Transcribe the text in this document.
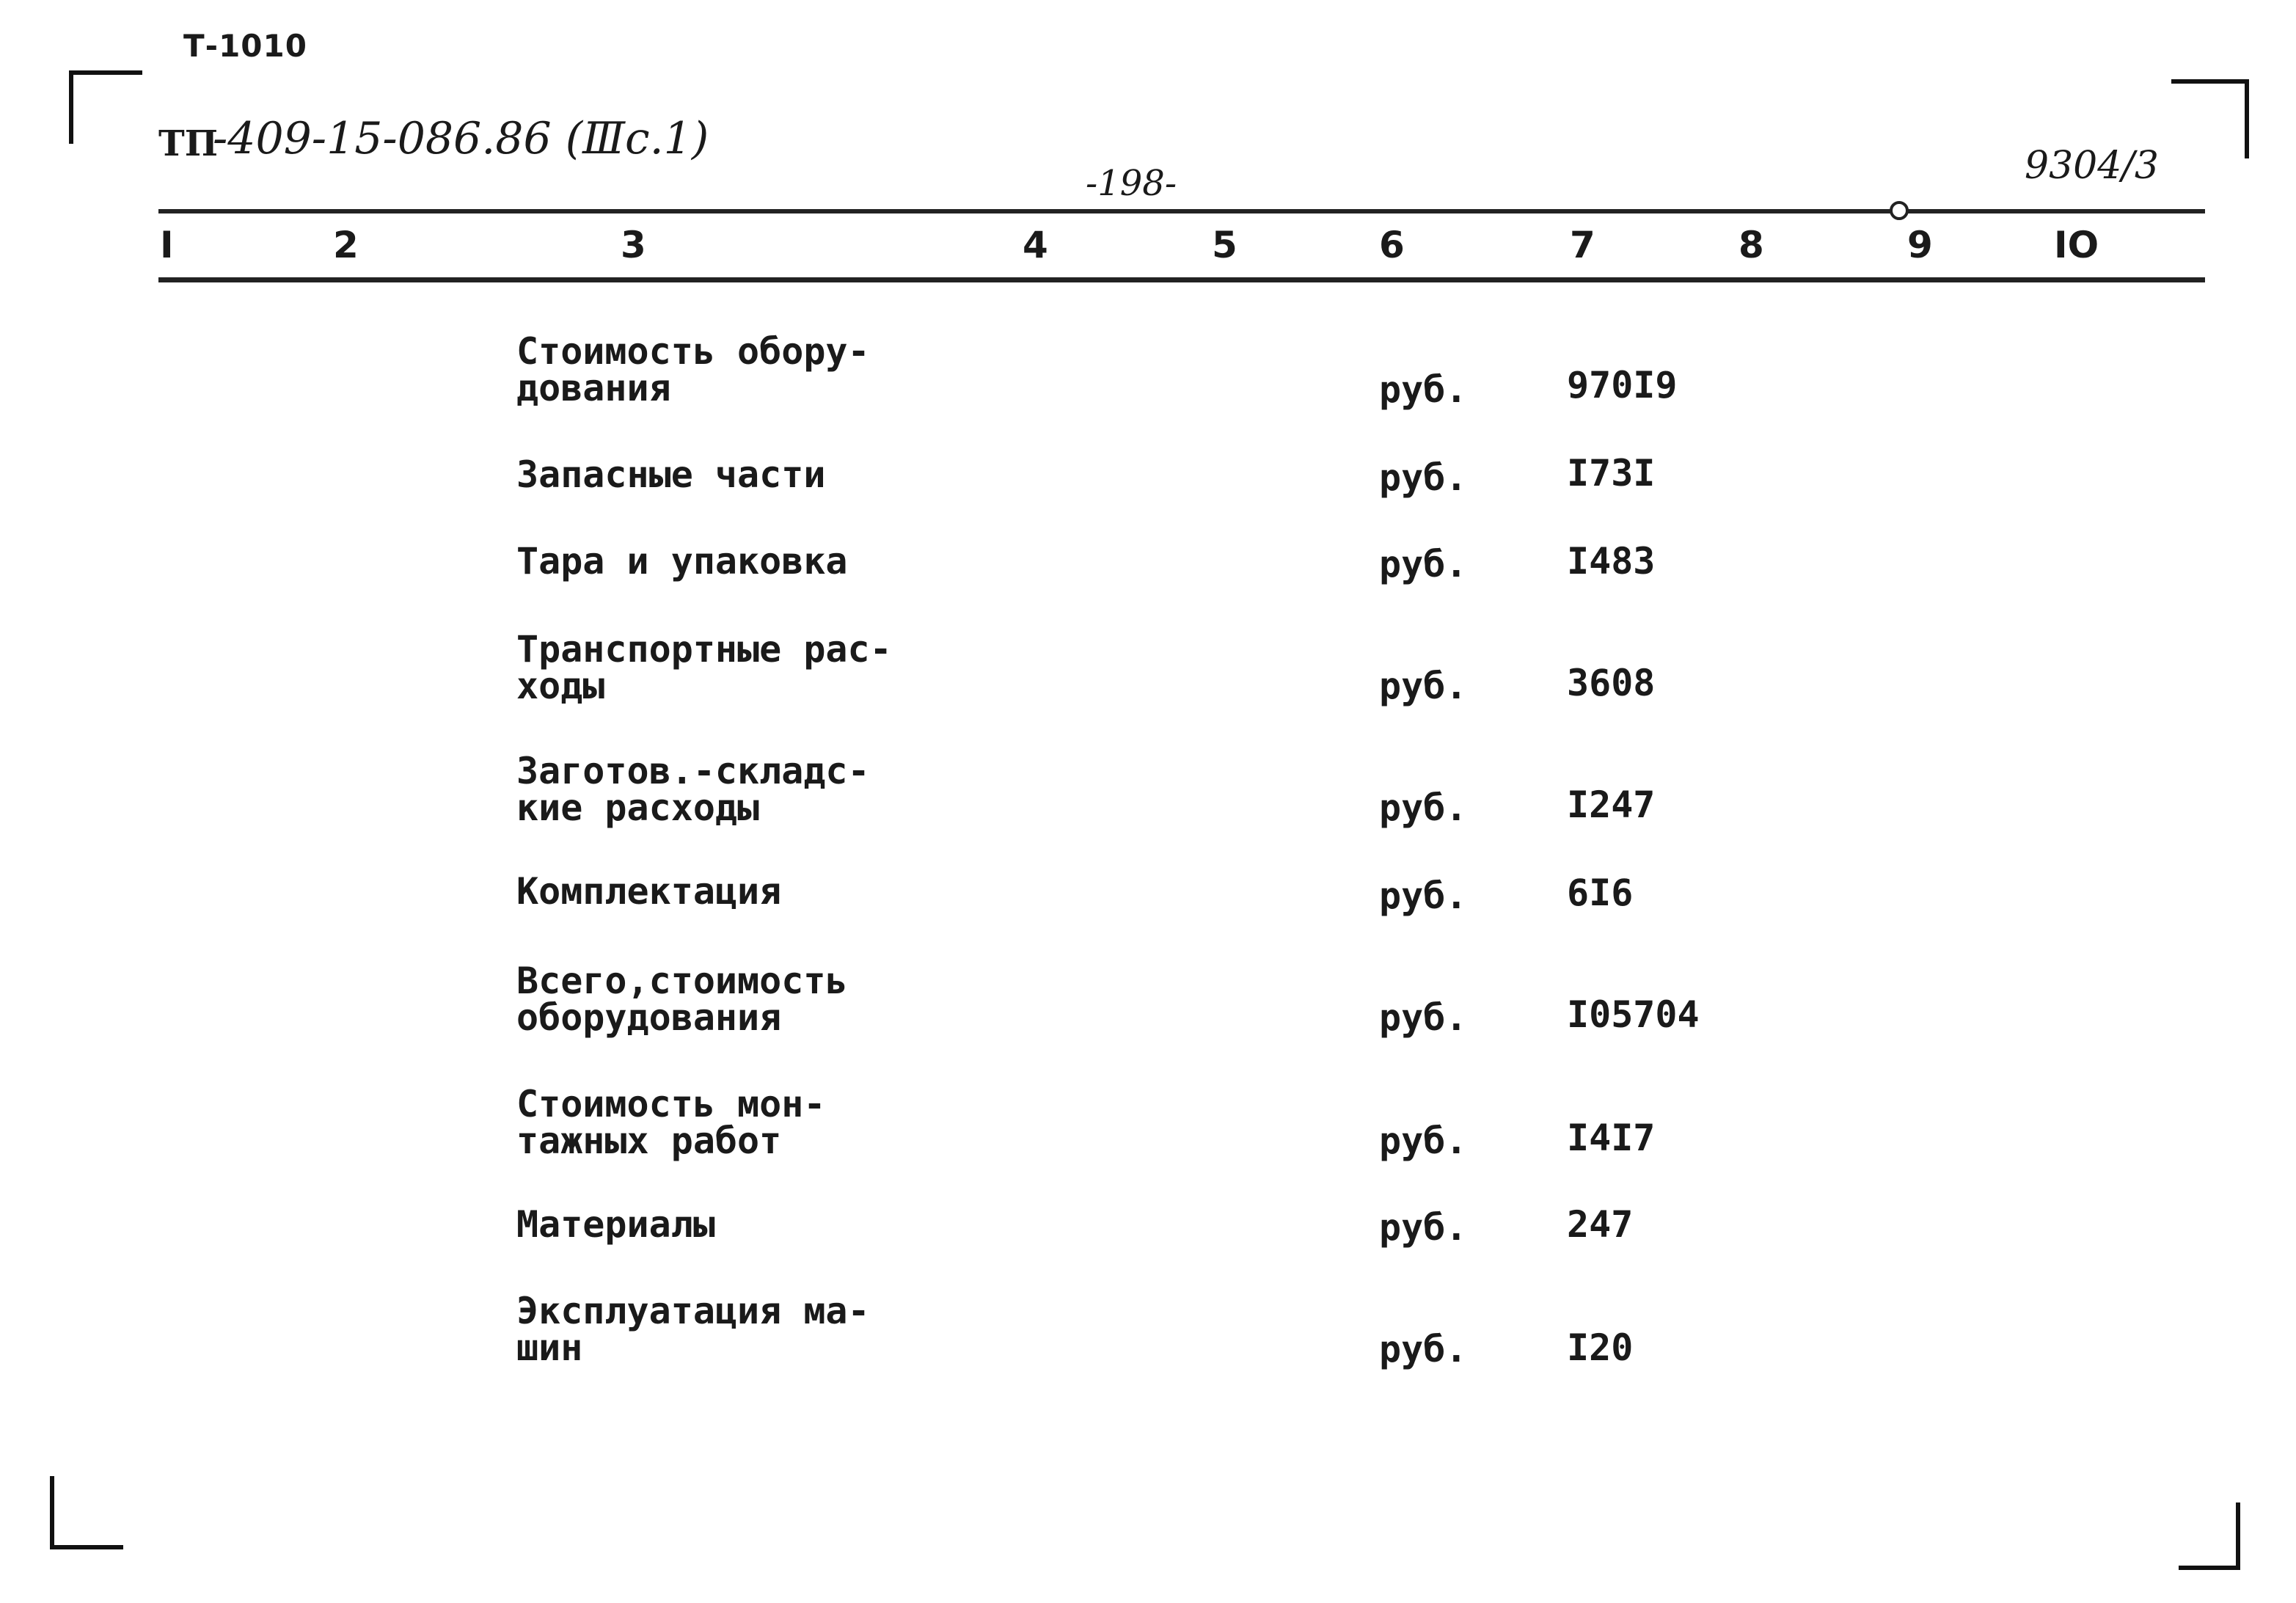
Т-1010
ТП
-409-15-086.86 (Ⅲс.1)
-198-	9304/3
I	2	3	4	5	6	7	8	9	IO
Стоимость обору-
дования	руб.	970I9
Запасные части	руб.	I73I
Тара и упаковка	руб.	I483
Транспортные рас-
ходы	руб.	3608
Заготов.-складс-
кие расходы	руб.	I247
Комплектация	руб.	6I6
Всего,стоимость
оборудования	руб.	I05704
Стоимость мон-
тажных работ	руб.	I4I7
Материалы	руб.	247
Эксплуатация ма-
шин	руб.	I20
